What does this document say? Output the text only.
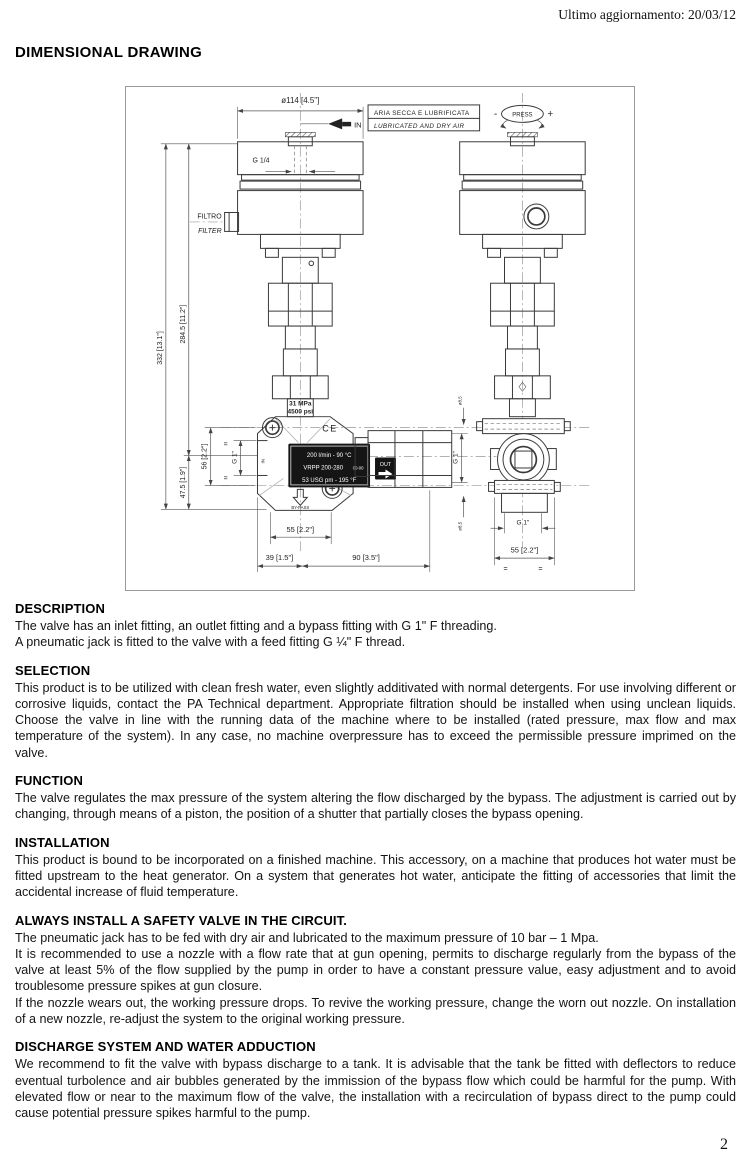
Ultimo aggiornamento: 20/03/12
DIMENSIONAL DRAWING
ø114 [4.5"]
IN
ARIA SECCA E LUBRIFICATA
LUBRICATED AND DRY AIR
PRESS
-	+
G 1/4
FILTRO
FILTER
31 MPa
4500 psi
CE
IN
200 l/min - 90 °C
VRPP 200-280 00-00
53 USG pm - 195 °F
OUT
BY-PASS
332 [13.1"]
284.5 [11.2"]
47.5 [1.9"]
56 [2.2"] =
=
G 1"	G 1"
55 [2.2"]
39 [1.5"]	90 [3.5"]
ø8,5
ø8,5	G 1"
55 [2.2"]
=	=
DESCRIPTION

The valve has an inlet fitting, an outlet fitting and a bypass fitting with G 1" F threading.

A pneumatic jack is fitted to the valve with a feed fitting G ¼" F thread.

SELECTION

This product is to be utilized with clean fresh water, even slightly additivated with normal detergents. For use involving different or corrosive liquids, contact the PA Technical department. Appropriate filtration should be installed when using unclean liquids. Choose the valve in line with the running data of the machine where to be installed (rated pressure, max flow and max temperature of the system). In any case, no machine overpressure has to exceed the permissible pressure imprimed on the valve.

FUNCTION

The valve regulates the max pressure of the system altering the flow discharged by the bypass. The adjustment is carried out by changing, through means of a piston, the position of a shutter that partially closes the bypass opening.

INSTALLATION

This product is bound to be incorporated on a finished machine. This accessory, on a machine that produces hot water must be fitted upstream to the heat generator. On a system that generates hot water, anticipate the fitting of accessories that limit the accidental increase of fluid temperature.

ALWAYS INSTALL A SAFETY VALVE IN THE CIRCUIT.

The pneumatic jack has to be fed with dry air and lubricated to the maximum pressure of 10 bar – 1 Mpa.

It is recommended to use a nozzle with a flow rate that at gun opening, permits to discharge regularly from the bypass of the valve at least 5% of the flow supplied by the pump in order to have a constant pressure value, easy adjustment and to avoid troublesome pressure spikes at gun closure.

If the nozzle wears out, the working pressure drops. To revive the working pressure, change the worn out nozzle. On installation of a new nozzle, re-adjust the system to the original working pressure.

DISCHARGE SYSTEM AND WATER ADDUCTION

We recommend to fit the valve with bypass discharge to a tank. It is advisable that the tank be fitted with deflectors to reduce eventual turbolence and air bubbles generated by the immission of the bypass flow which could be harmful for the pump. With elevated flow or near to the maximum flow of the valve, the installation with a recirculation of bypass direct to the pump could cause potential pressure spikes harmful to the pump.

2
